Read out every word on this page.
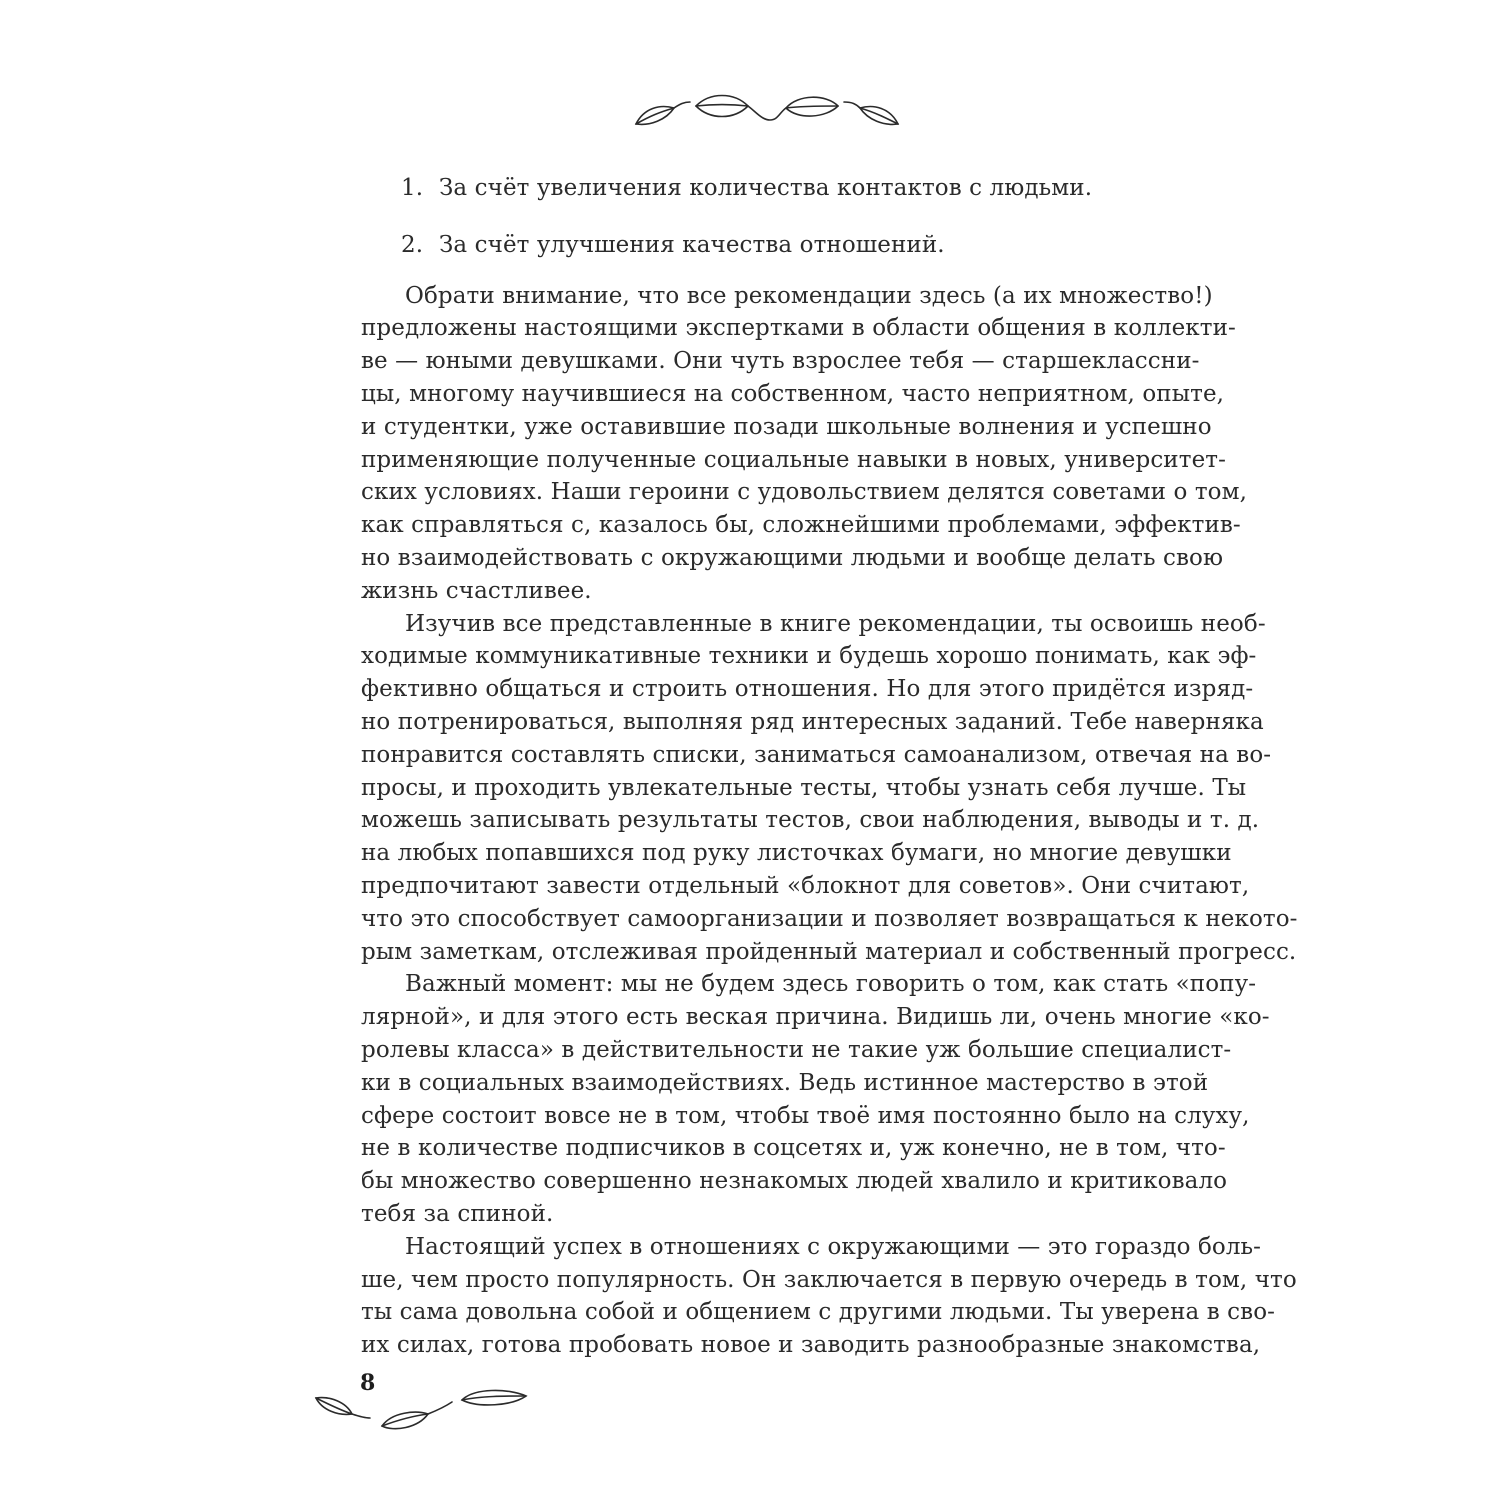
1. За счёт увеличения количества контактов с людьми.
2. За счёт улучшения качества отношений.
Обрати внимание, что все рекомендации здесь (а их множество!)
предложены настоящими экспертками в области общения в коллекти-
ве — юными девушками. Они чуть взрослее тебя — старшеклассни-
цы, многому научившиеся на собственном, часто неприятном, опыте,
и студентки, уже оставившие позади школьные волнения и успешно
применяющие полученные социальные навыки в новых, университет-
ских условиях. Наши героини с удовольствием делятся советами о том,
как справляться с, казалось бы, сложнейшими проблемами, эффектив-
но взаимодействовать с окружающими людьми и вообще делать свою
жизнь счастливее.
Изучив все представленные в книге рекомендации, ты освоишь необ-
ходимые коммуникативные техники и будешь хорошо понимать, как эф-
фективно общаться и строить отношения. Но для этого придётся изряд-
но потренироваться, выполняя ряд интересных заданий. Тебе наверняка
понравится составлять списки, заниматься самоанализом, отвечая на во-
просы, и проходить увлекательные тесты, чтобы узнать себя лучше. Ты
можешь записывать результаты тестов, свои наблюдения, выводы и т. д.
на любых попавшихся под руку листочках бумаги, но многие девушки
предпочитают завести отдельный «блокнот для советов». Они считают,
что это способствует самоорганизации и позволяет возвращаться к некото-
рым заметкам, отслеживая пройденный материал и собственный прогресс.
Важный момент: мы не будем здесь говорить о том, как стать «попу-
лярной», и для этого есть веская причина. Видишь ли, очень многие «ко-
ролевы класса» в действительности не такие уж большие специалист-
ки в социальных взаимодействиях. Ведь истинное мастерство в этой
сфере состоит вовсе не в том, чтобы твоё имя постоянно было на слуху,
не в количестве подписчиков в соцсетях и, уж конечно, не в том, что-
бы множество совершенно незнакомых людей хвалило и критиковало
тебя за спиной.
Настоящий успех в отношениях с окружающими — это гораздо боль-
ше, чем просто популярность. Он заключается в первую очередь в том, что
ты сама довольна собой и общением с другими людьми. Ты уверена в сво-
их силах, готова пробовать новое и заводить разнообразные знакомства,
8
